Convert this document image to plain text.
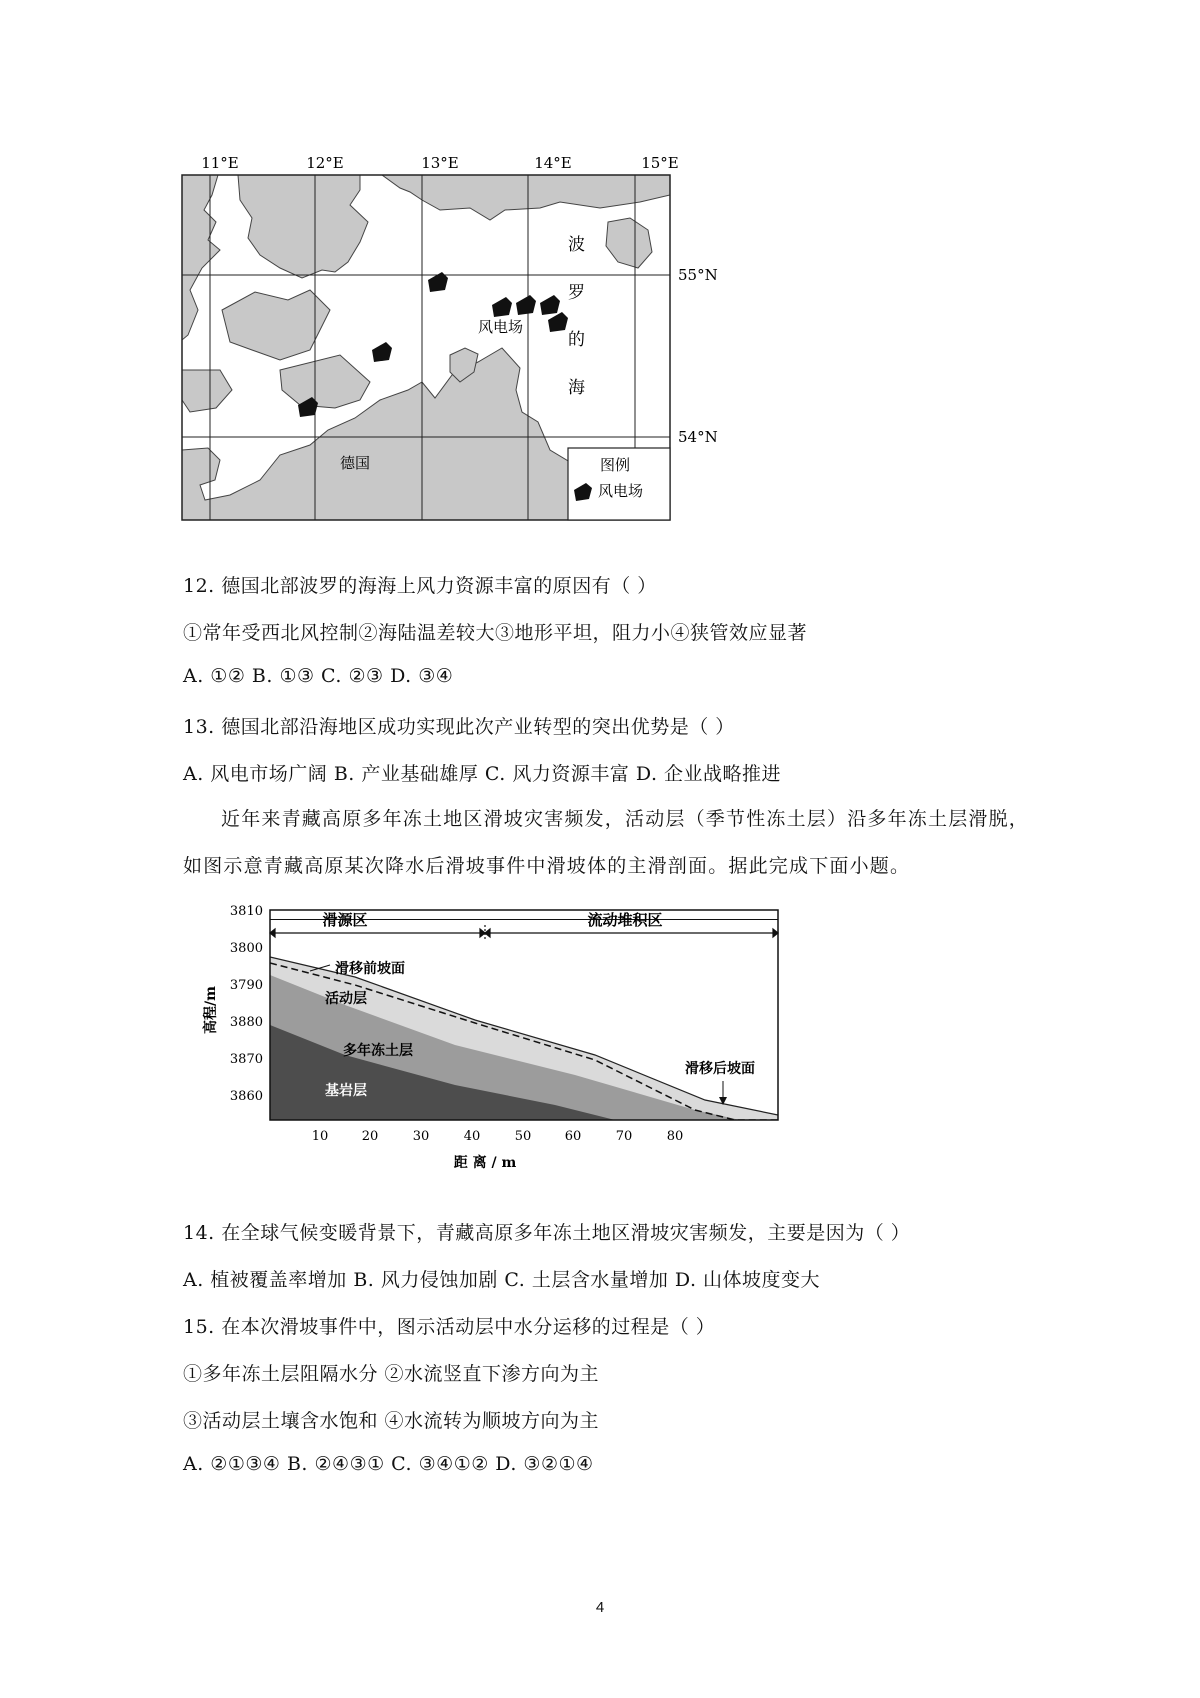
11°E	12°E	13°E	14°E	15°E
55°N
54°N
波
罗
的
海
风电场
德国	图例
风电场
12. 德国北部波罗的海海上风力资源丰富的原因有（ ）
①常年受西北风控制②海陆温差较大③地形平坦，阻力小④狭管效应显著
A. ①② B. ①③ C. ②③ D. ③④
13. 德国北部沿海地区成功实现此次产业转型的突出优势是（ ）
A. 风电市场广阔 B. 产业基础雄厚 C. 风力资源丰富 D. 企业战略推进
近年来青藏高原多年冻土地区滑坡灾害频发，活动层（季节性冻土层）沿多年冻土层滑脱，如图示意青藏高原某次降水后滑坡事件中滑坡体的主滑剖面。据此完成下面小题。
滑源区	流动堆积区
滑移前坡面
滑移后坡面
活动层
多年冻土层
基岩层
3810
3800
3790
3880
3870
3860
10	20	30	40	50	60	70	80
距 离 / m
高程/m
14. 在全球气候变暖背景下，青藏高原多年冻土地区滑坡灾害频发，主要是因为（ ）
A. 植被覆盖率增加 B. 风力侵蚀加剧 C. 土层含水量增加 D. 山体坡度变大
15. 在本次滑坡事件中，图示活动层中水分运移的过程是（ ）
①多年冻土层阻隔水分 ②水流竖直下渗方向为主
③活动层土壤含水饱和 ④水流转为顺坡方向为主
A. ②①③④ B. ②④③① C. ③④①② D. ③②①④
4
